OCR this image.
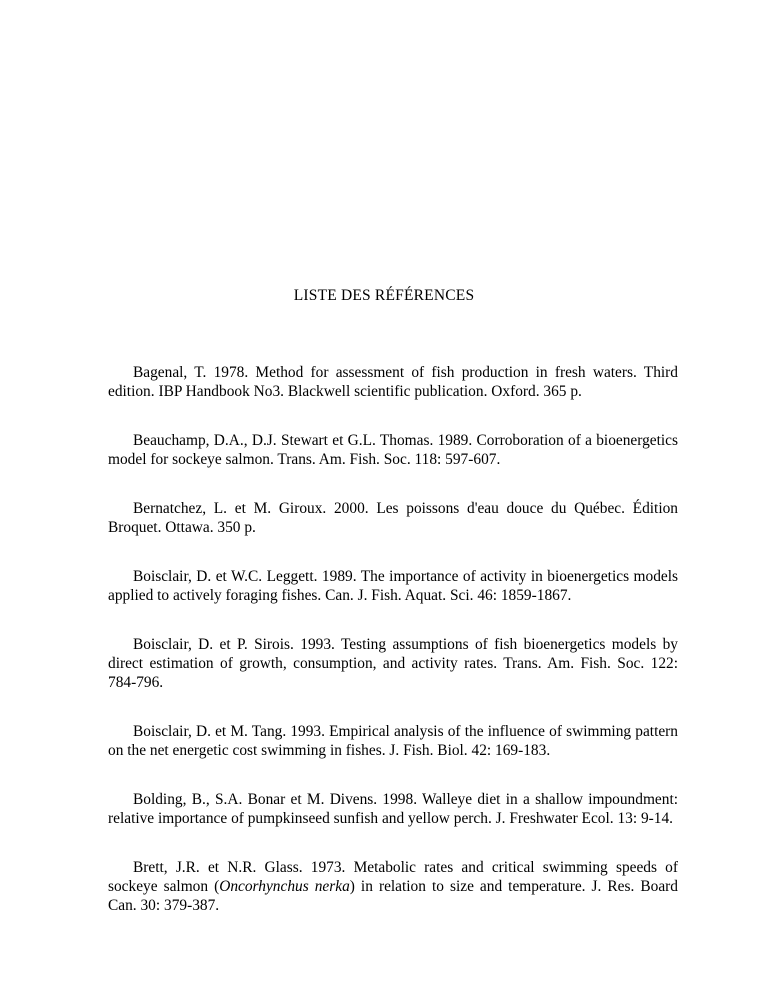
LISTE DES RÉFÉRENCES

Bagenal, T. 1978. Method for assessment of fish production in fresh waters. Third edition. IBP Handbook No3. Blackwell scientific publication. Oxford. 365 p.

Beauchamp, D.A., D.J. Stewart et G.L. Thomas. 1989. Corroboration of a bioenergetics model for sockeye salmon. Trans. Am. Fish. Soc. 118: 597-607.

Bernatchez, L. et M. Giroux. 2000. Les poissons d'eau douce du Québec. Édition Broquet. Ottawa. 350 p.

Boisclair, D. et W.C. Leggett. 1989. The importance of activity in bioenergetics models applied to actively foraging fishes. Can. J. Fish. Aquat. Sci. 46: 1859-1867.

Boisclair, D. et P. Sirois. 1993. Testing assumptions of fish bioenergetics models by direct estimation of growth, consumption, and activity rates. Trans. Am. Fish. Soc. 122: 784-796.

Boisclair, D. et M. Tang. 1993. Empirical analysis of the influence of swimming pattern on the net energetic cost swimming in fishes. J. Fish. Biol. 42: 169-183.

Bolding, B., S.A. Bonar et M. Divens. 1998. Walleye diet in a shallow impoundment: relative importance of pumpkinseed sunfish and yellow perch. J. Freshwater Ecol. 13: 9-14.

Brett, J.R. et N.R. Glass. 1973. Metabolic rates and critical swimming speeds of sockeye salmon (Oncorhynchus nerka) in relation to size and temperature. J. Res. Board Can. 30: 379-387.
